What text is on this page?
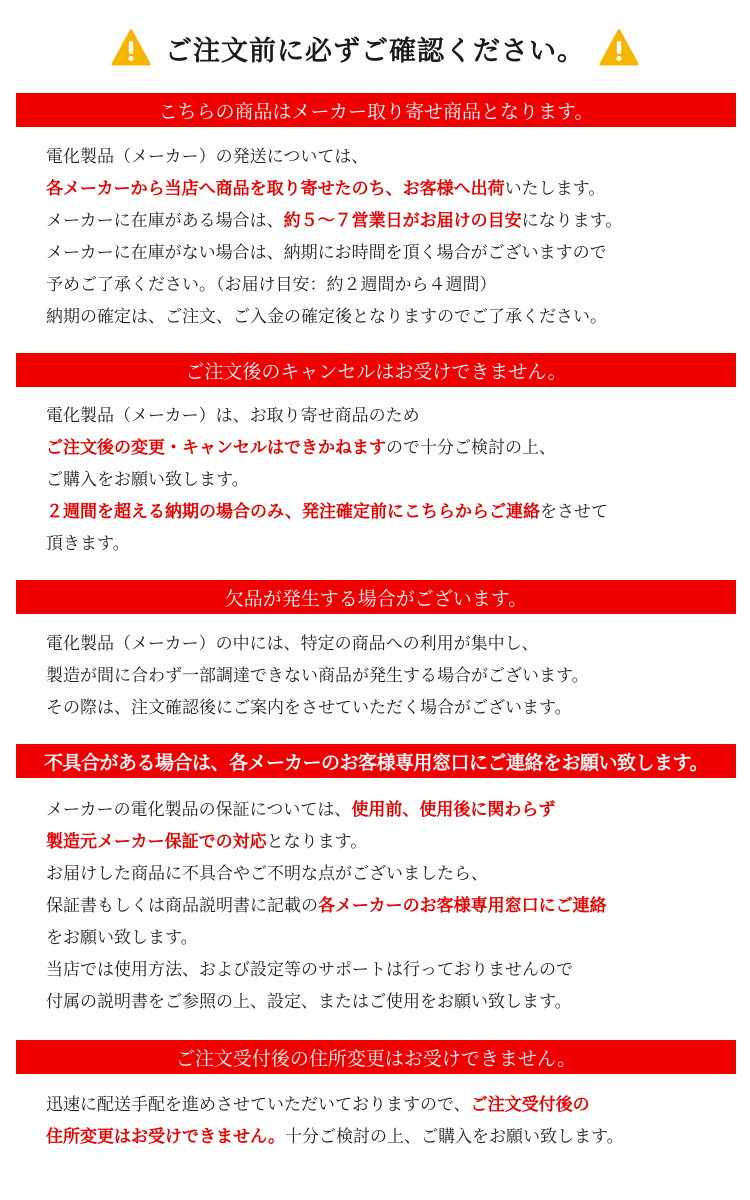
ご注文前に必ずご確認ください。
こちらの商品はメーカー取り寄せ商品となります。
電化製品（メーカー）の発送については、
各メーカーから当店へ商品を取り寄せたのち、お客様へ出荷いたします。
メーカーに在庫がある場合は、約５〜７営業日がお届けの目安になります。
メーカーに在庫がない場合は、納期にお時間を頂く場合がございますので
予めご了承ください。（お届け目安：約２週間から４週間）
納期の確定は、ご注文、ご入金の確定後となりますのでご了承ください。
ご注文後のキャンセルはお受けできません。
電化製品（メーカー）は、お取り寄せ商品のため
ご注文後の変更・キャンセルはできかねますので十分ご検討の上、
ご購入をお願い致します。
２週間を超える納期の場合のみ、発注確定前にこちらからご連絡をさせて
頂きます。
欠品が発生する場合がございます。
電化製品（メーカー）の中には、特定の商品への利用が集中し、
製造が間に合わず一部調達できない商品が発生する場合がございます。
その際は、注文確認後にご案内をさせていただく場合がございます。
不具合がある場合は、各メーカーのお客様専用窓口にご連絡をお願い致します。
メーカーの電化製品の保証については、使用前、使用後に関わらず
製造元メーカー保証での対応となります。
お届けした商品に不具合やご不明な点がございましたら、
保証書もしくは商品説明書に記載の各メーカーのお客様専用窓口にご連絡
をお願い致します。
当店では使用方法、および設定等のサポートは行っておりませんので
付属の説明書をご参照の上、設定、またはご使用をお願い致します。
ご注文受付後の住所変更はお受けできません。
迅速に配送手配を進めさせていただいておりますので、ご注文受付後の
住所変更はお受けできません。十分ご検討の上、ご購入をお願い致します。
